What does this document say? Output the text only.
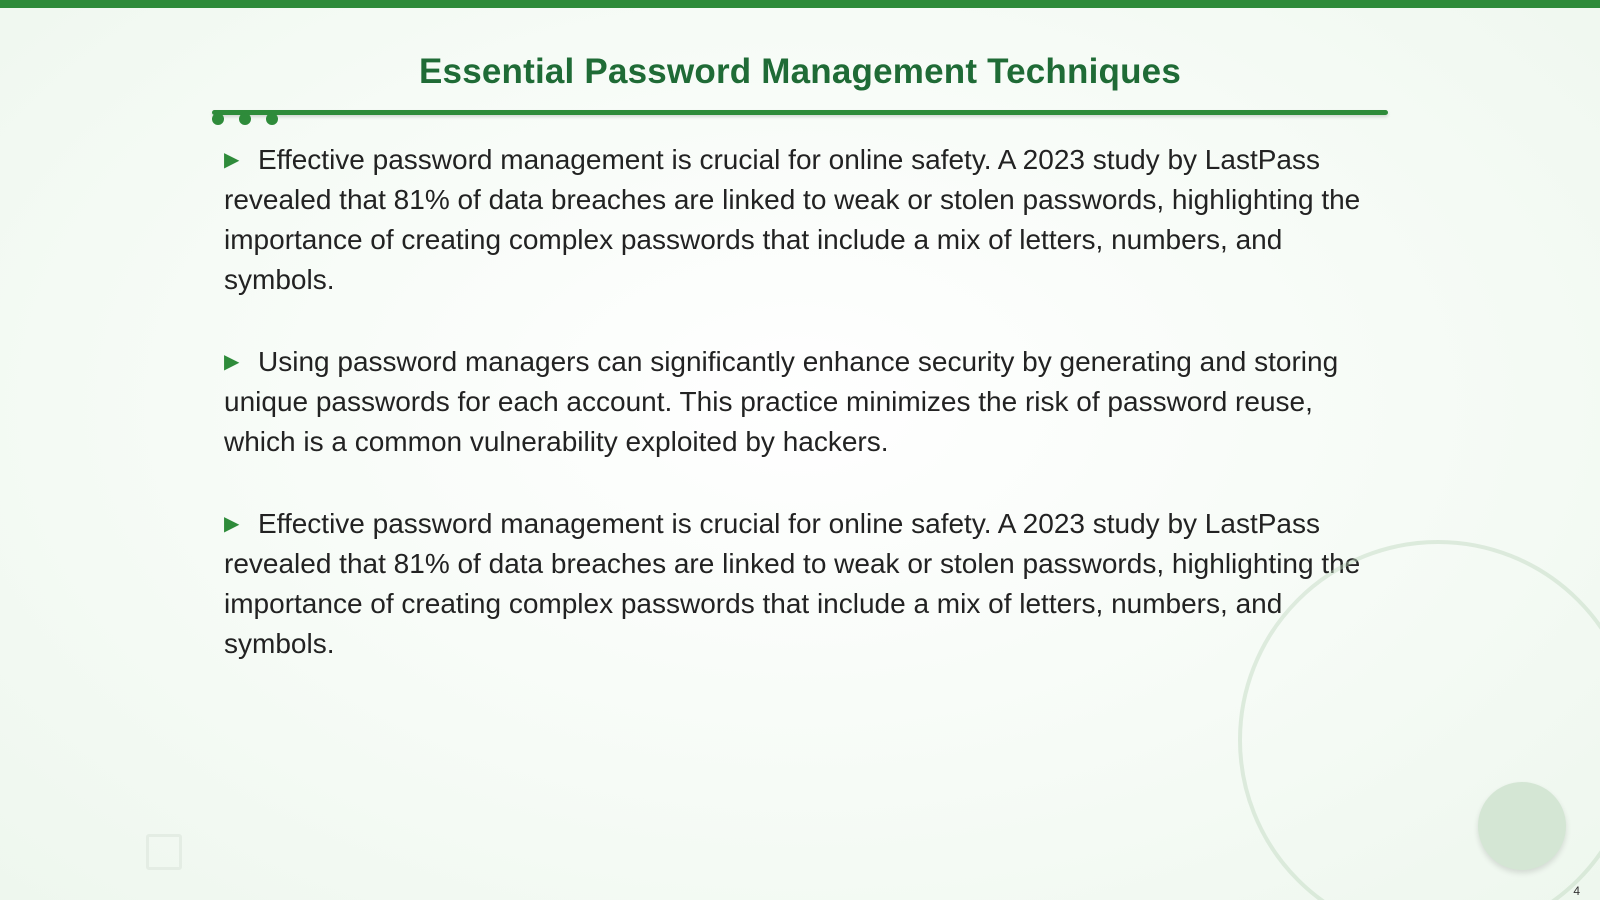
Essential Password Management Techniques

▶ Effective password management is crucial for online safety. A 2023 study by LastPass revealed that 81% of data breaches are linked to weak or stolen passwords, highlighting the importance of creating complex passwords that include a mix of letters, numbers, and symbols.

▶ Using password managers can significantly enhance security by generating and storing unique passwords for each account. This practice minimizes the risk of password reuse, which is a common vulnerability exploited by hackers.

▶ Effective password management is crucial for online safety. A 2023 study by LastPass revealed that 81% of data breaches are linked to weak or stolen passwords, highlighting the importance of creating complex passwords that include a mix of letters, numbers, and symbols.

4
